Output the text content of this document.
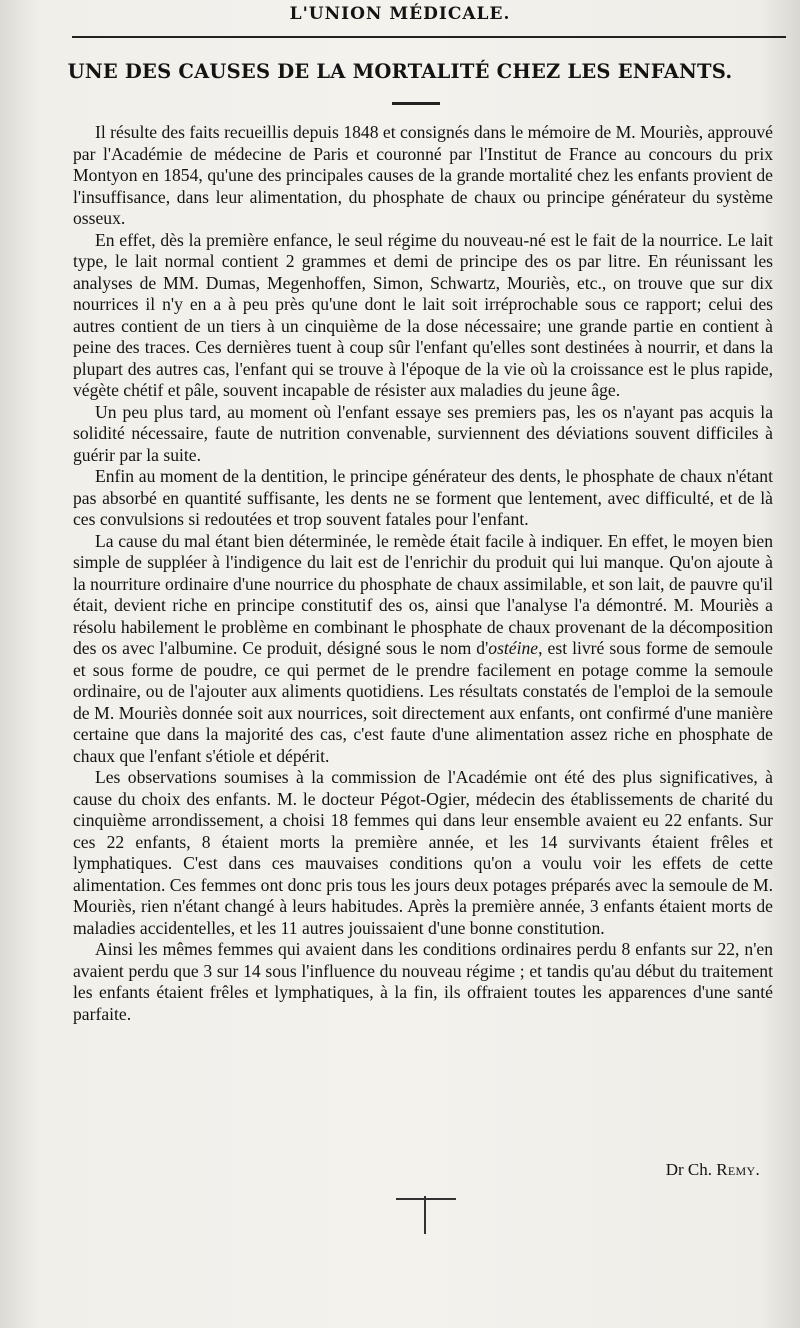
L'UNION MÉDICALE.
UNE DES CAUSES DE LA MORTALITÉ CHEZ LES ENFANTS.

Il résulte des faits recueillis depuis 1848 et consignés dans le mémoire de M. Mouriès, approuvé par l'Académie de médecine de Paris et couronné par l'Institut de France au concours du prix Montyon en 1854, qu'une des principales causes de la grande mortalité chez les enfants provient de l'insuffisance, dans leur alimentation, du phosphate de chaux ou principe générateur du système osseux.

En effet, dès la première enfance, le seul régime du nouveau-né est le fait de la nourrice. Le lait type, le lait normal contient 2 grammes et demi de principe des os par litre. En réunissant les analyses de MM. Dumas, Megenhoffen, Simon, Schwartz, Mouriès, etc., on trouve que sur dix nourrices il n'y en a à peu près qu'une dont le lait soit irréprochable sous ce rapport; celui des autres contient de un tiers à un cinquième de la dose nécessaire; une grande partie en contient à peine des traces. Ces dernières tuent à coup sûr l'enfant qu'elles sont destinées à nourrir, et dans la plupart des autres cas, l'enfant qui se trouve à l'époque de la vie où la croissance est le plus rapide, végète chétif et pâle, souvent incapable de résister aux maladies du jeune âge.

Un peu plus tard, au moment où l'enfant essaye ses premiers pas, les os n'ayant pas acquis la solidité nécessaire, faute de nutrition convenable, surviennent des déviations souvent difficiles à guérir par la suite.

Enfin au moment de la dentition, le principe générateur des dents, le phosphate de chaux n'étant pas absorbé en quantité suffisante, les dents ne se forment que lentement, avec difficulté, et de là ces convulsions si redoutées et trop souvent fatales pour l'enfant.

La cause du mal étant bien déterminée, le remède était facile à indiquer. En effet, le moyen bien simple de suppléer à l'indigence du lait est de l'enrichir du produit qui lui manque. Qu'on ajoute à la nourriture ordinaire d'une nourrice du phosphate de chaux assimilable, et son lait, de pauvre qu'il était, devient riche en principe constitutif des os, ainsi que l'analyse l'a démontré. M. Mouriès a résolu habilement le problème en combinant le phosphate de chaux provenant de la décomposition des os avec l'albumine. Ce produit, désigné sous le nom d'ostéine, est livré sous forme de semoule et sous forme de poudre, ce qui permet de le prendre facilement en potage comme la semoule ordinaire, ou de l'ajouter aux aliments quotidiens. Les résultats constatés de l'emploi de la semoule de M. Mouriès donnée soit aux nourrices, soit directement aux enfants, ont confirmé d'une manière certaine que dans la majorité des cas, c'est faute d'une alimentation assez riche en phosphate de chaux que l'enfant s'étiole et dépérit.

Les observations soumises à la commission de l'Académie ont été des plus significatives, à cause du choix des enfants. M. le docteur Pégot-Ogier, médecin des établissements de charité du cinquième arrondissement, a choisi 18 femmes qui dans leur ensemble avaient eu 22 enfants. Sur ces 22 enfants, 8 étaient morts la première année, et les 14 survivants étaient frêles et lymphatiques. C'est dans ces mauvaises conditions qu'on a voulu voir les effets de cette alimentation. Ces femmes ont donc pris tous les jours deux potages préparés avec la semoule de M. Mouriès, rien n'étant changé à leurs habitudes. Après la première année, 3 enfants étaient morts de maladies accidentelles, et les 11 autres jouissaient d'une bonne constitution.

Ainsi les mêmes femmes qui avaient dans les conditions ordinaires perdu 8 enfants sur 22, n'en avaient perdu que 3 sur 14 sous l'influence du nouveau régime ; et tandis qu'au début du traitement les enfants étaient frêles et lymphatiques, à la fin, ils offraient toutes les apparences d'une santé parfaite.

Dr Ch. Remy.
